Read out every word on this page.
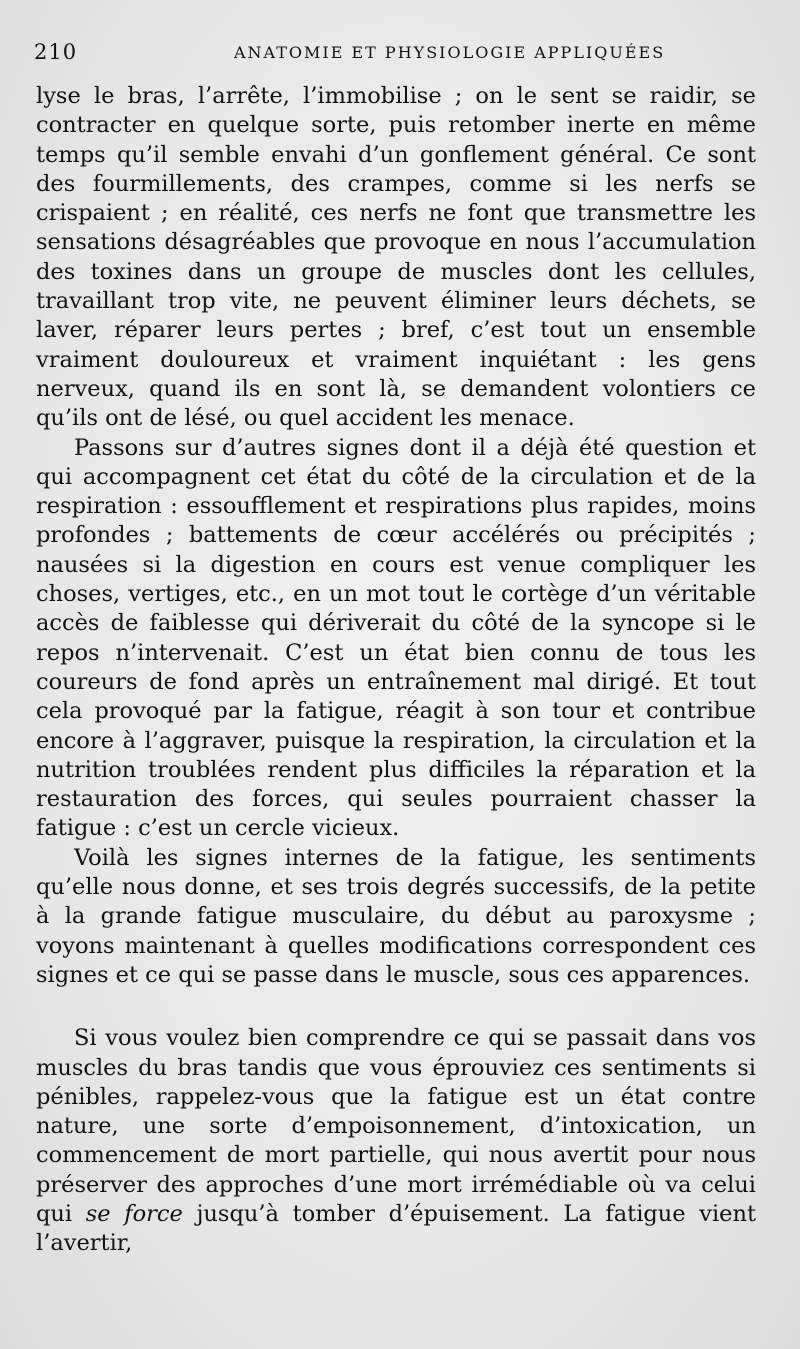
210	ANATOMIE ET PHYSIOLOGIE APPLIQUÉES

lyse le bras, l’arrête, l’immobilise ; on le sent se raidir, se contracter en quelque sorte, puis retomber inerte en même temps qu’il semble envahi d’un gonflement général. Ce sont des fourmillements, des crampes, comme si les nerfs se crispaient ; en réalité, ces nerfs ne font que transmettre les sensations désagréables que provoque en nous l’accumulation des toxines dans un groupe de muscles dont les cellules, travaillant trop vite, ne peuvent éliminer leurs déchets, se laver, réparer leurs pertes ; bref, c’est tout un ensemble vraiment douloureux et vraiment inquiétant : les gens nerveux, quand ils en sont là, se demandent volontiers ce qu’ils ont de lésé, ou quel accident les menace.

Passons sur d’autres signes dont il a déjà été question et qui accompagnent cet état du côté de la circulation et de la respiration : essoufflement et respirations plus rapides, moins profondes ; battements de cœur accélérés ou précipités ; nausées si la digestion en cours est venue compliquer les choses, vertiges, etc., en un mot tout le cortège d’un véritable accès de faiblesse qui dériverait du côté de la syncope si le repos n’intervenait. C’est un état bien connu de tous les coureurs de fond après un entraînement mal dirigé. Et tout cela provoqué par la fatigue, réagit à son tour et contribue encore à l’aggraver, puisque la respiration, la circulation et la nutrition troublées rendent plus difficiles la réparation et la restauration des forces, qui seules pourraient chasser la fatigue : c’est un cercle vicieux.

Voilà les signes internes de la fatigue, les sentiments qu’elle nous donne, et ses trois degrés successifs, de la petite à la grande fatigue musculaire, du début au paroxysme ; voyons maintenant à quelles modifications correspondent ces signes et ce qui se passe dans le muscle, sous ces apparences.

Si vous voulez bien comprendre ce qui se passait dans vos muscles du bras tandis que vous éprouviez ces sentiments si pénibles, rappelez-vous que la fatigue est un état contre nature, une sorte d’empoisonnement, d’intoxication, un commencement de mort partielle, qui nous avertit pour nous préserver des approches d’une mort irrémédiable où va celui qui se force jusqu’à tomber d’épuisement. La fatigue vient l’avertir,
